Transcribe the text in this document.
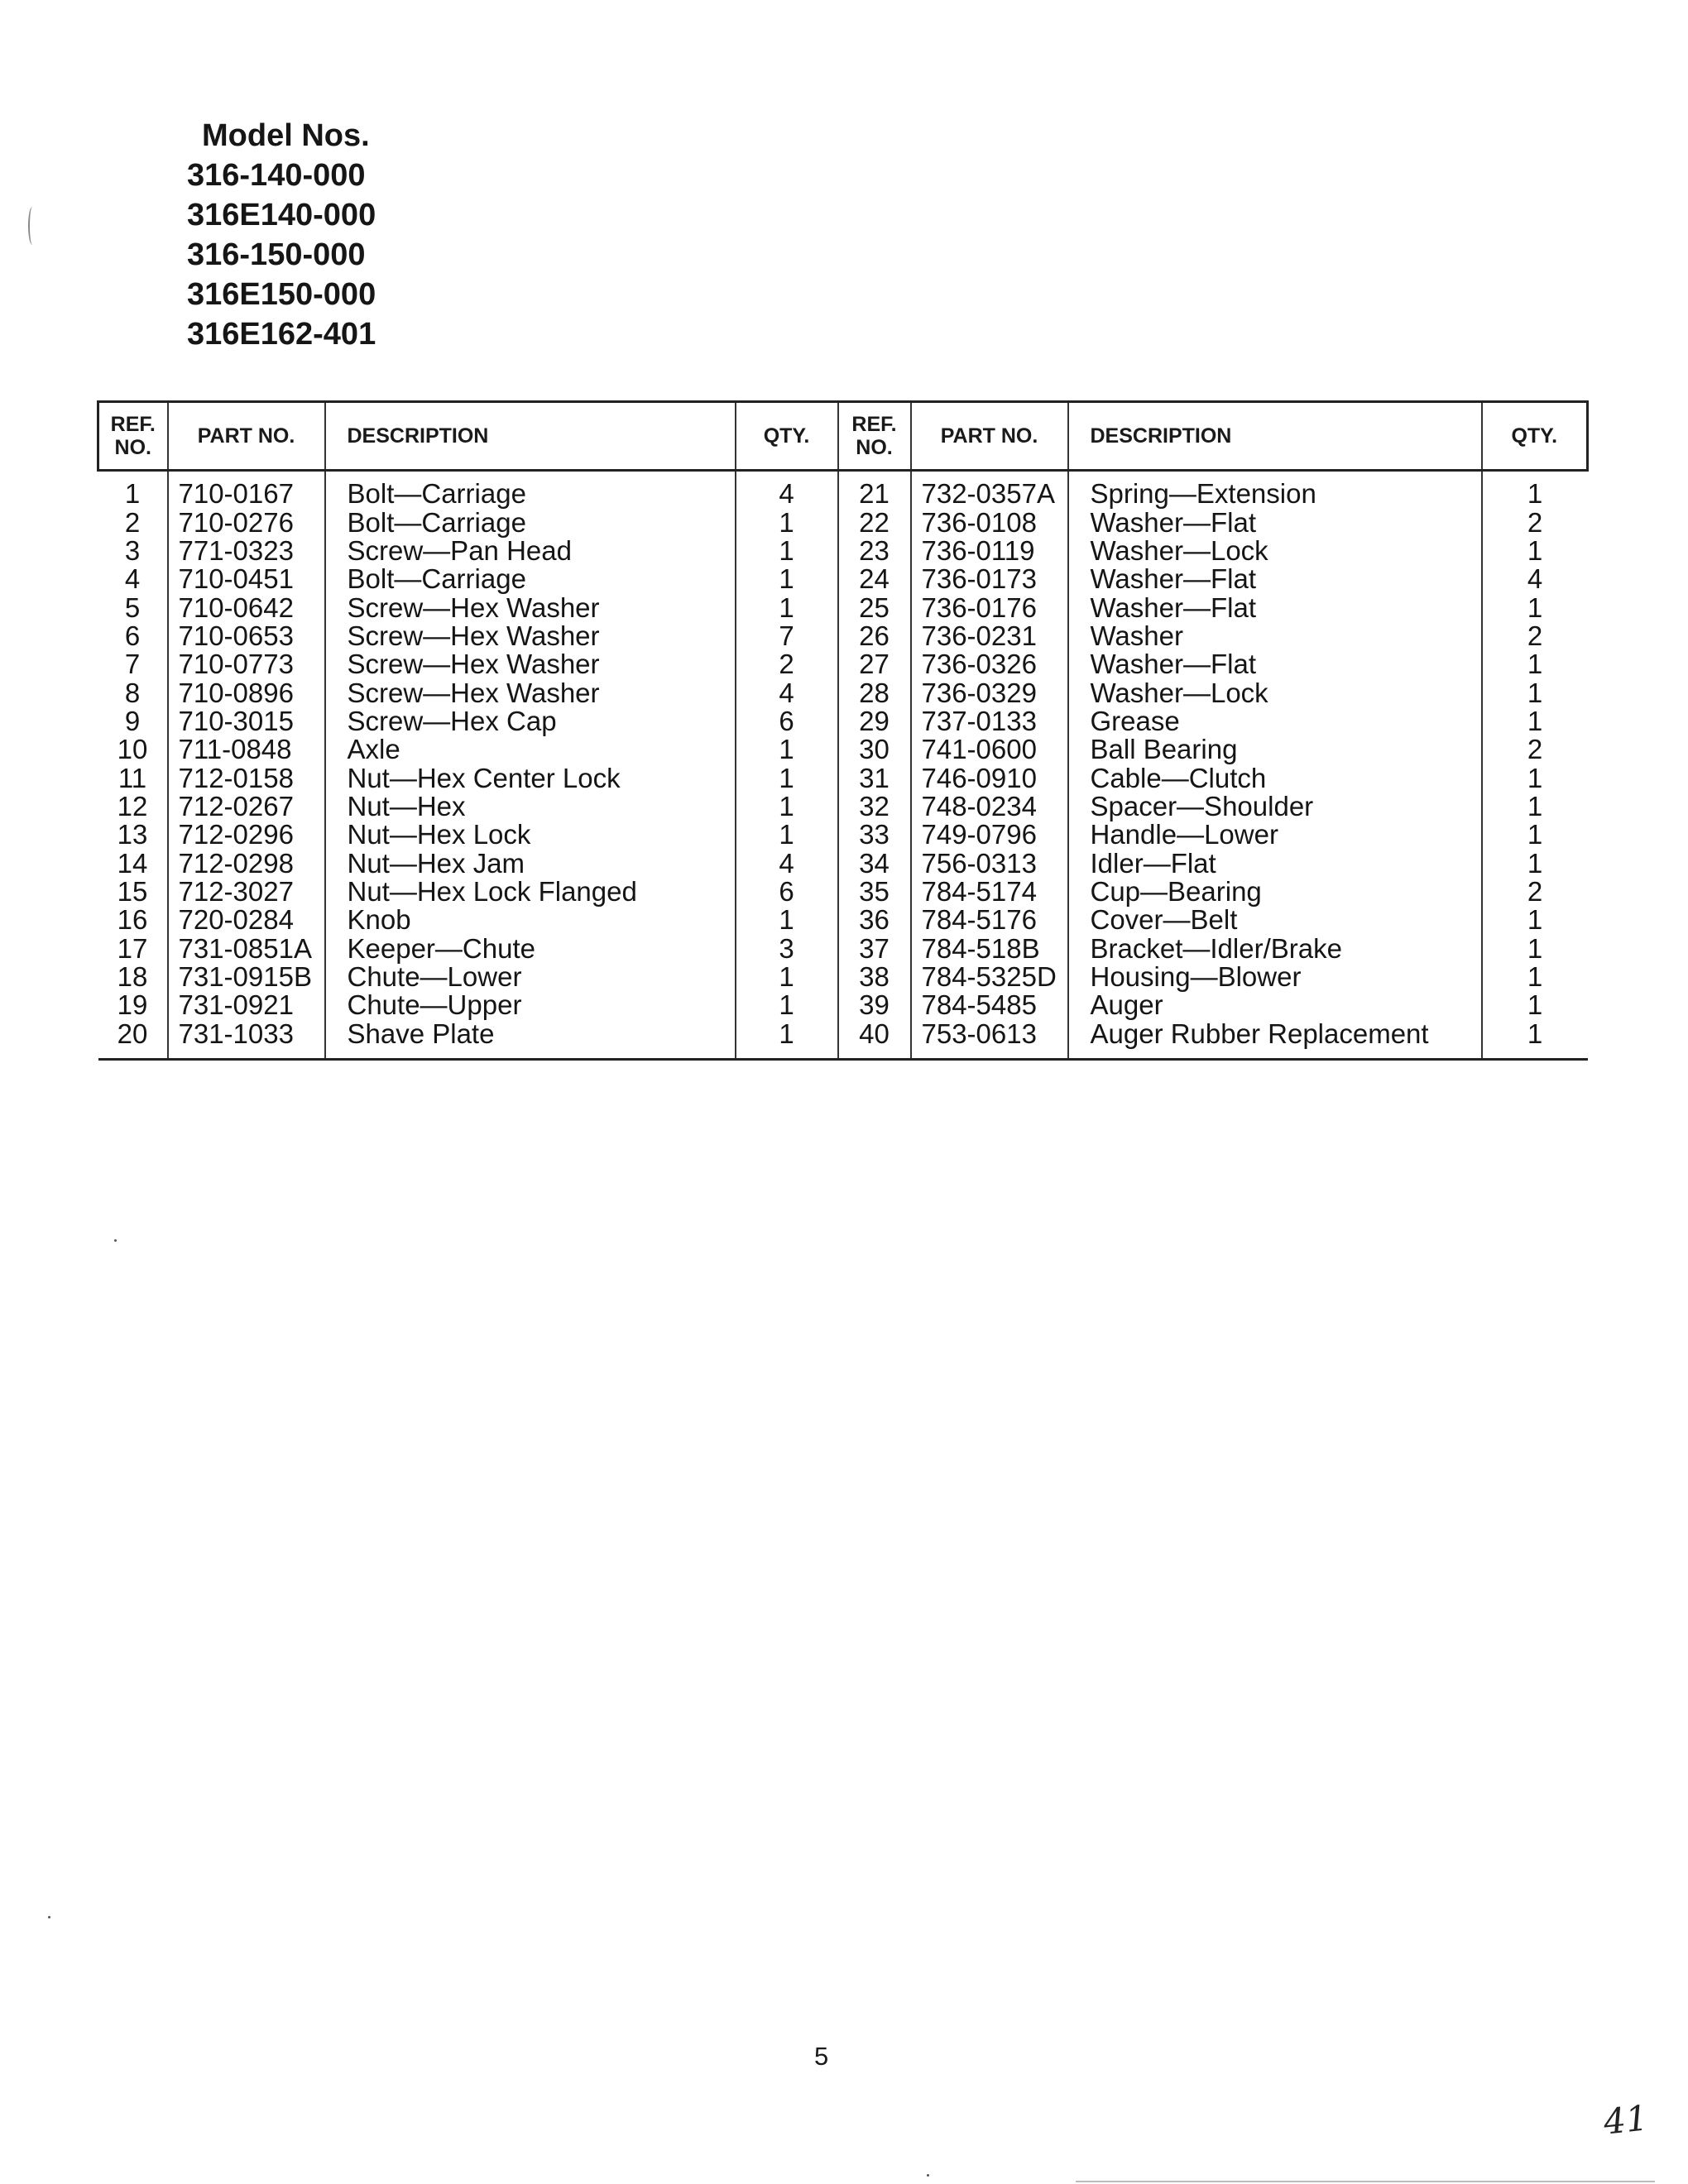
Model Nos.
316-140-000
316E140-000
316-150-000
316E150-000
316E162-401
REF. NO.	PART NO.	DESCRIPTION	QTY.	REF. NO.	PART NO.	DESCRIPTION	QTY.
1	710-0167	Bolt—Carriage	4	21	732-0357A	Spring—Extension	1
2	710-0276	Bolt—Carriage	1	22	736-0108	Washer—Flat	2
3	771-0323	Screw—Pan Head	1	23	736-0119	Washer—Lock	1
4	710-0451	Bolt—Carriage	1	24	736-0173	Washer—Flat	4
5	710-0642	Screw—Hex Washer	1	25	736-0176	Washer—Flat	1
6	710-0653	Screw—Hex Washer	7	26	736-0231	Washer	2
7	710-0773	Screw—Hex Washer	2	27	736-0326	Washer—Flat	1
8	710-0896	Screw—Hex Washer	4	28	736-0329	Washer—Lock	1
9	710-3015	Screw—Hex Cap	6	29	737-0133	Grease	1
10	711-0848	Axle	1	30	741-0600	Ball Bearing	2
11	712-0158	Nut—Hex Center Lock	1	31	746-0910	Cable—Clutch	1
12	712-0267	Nut—Hex	1	32	748-0234	Spacer—Shoulder	1
13	712-0296	Nut—Hex Lock	1	33	749-0796	Handle—Lower	1
14	712-0298	Nut—Hex Jam	4	34	756-0313	Idler—Flat	1
15	712-3027	Nut—Hex Lock Flanged	6	35	784-5174	Cup—Bearing	2
16	720-0284	Knob	1	36	784-5176	Cover—Belt	1
17	731-0851A	Keeper—Chute	3	37	784-518B	Bracket—Idler/Brake	1
18	731-0915B	Chute—Lower	1	38	784-5325D	Housing—Blower	1
19	731-0921	Chute—Upper	1	39	784-5485	Auger	1
20	731-1033	Shave Plate	1	40	753-0613	Auger Rubber Replacement	1
5
41
